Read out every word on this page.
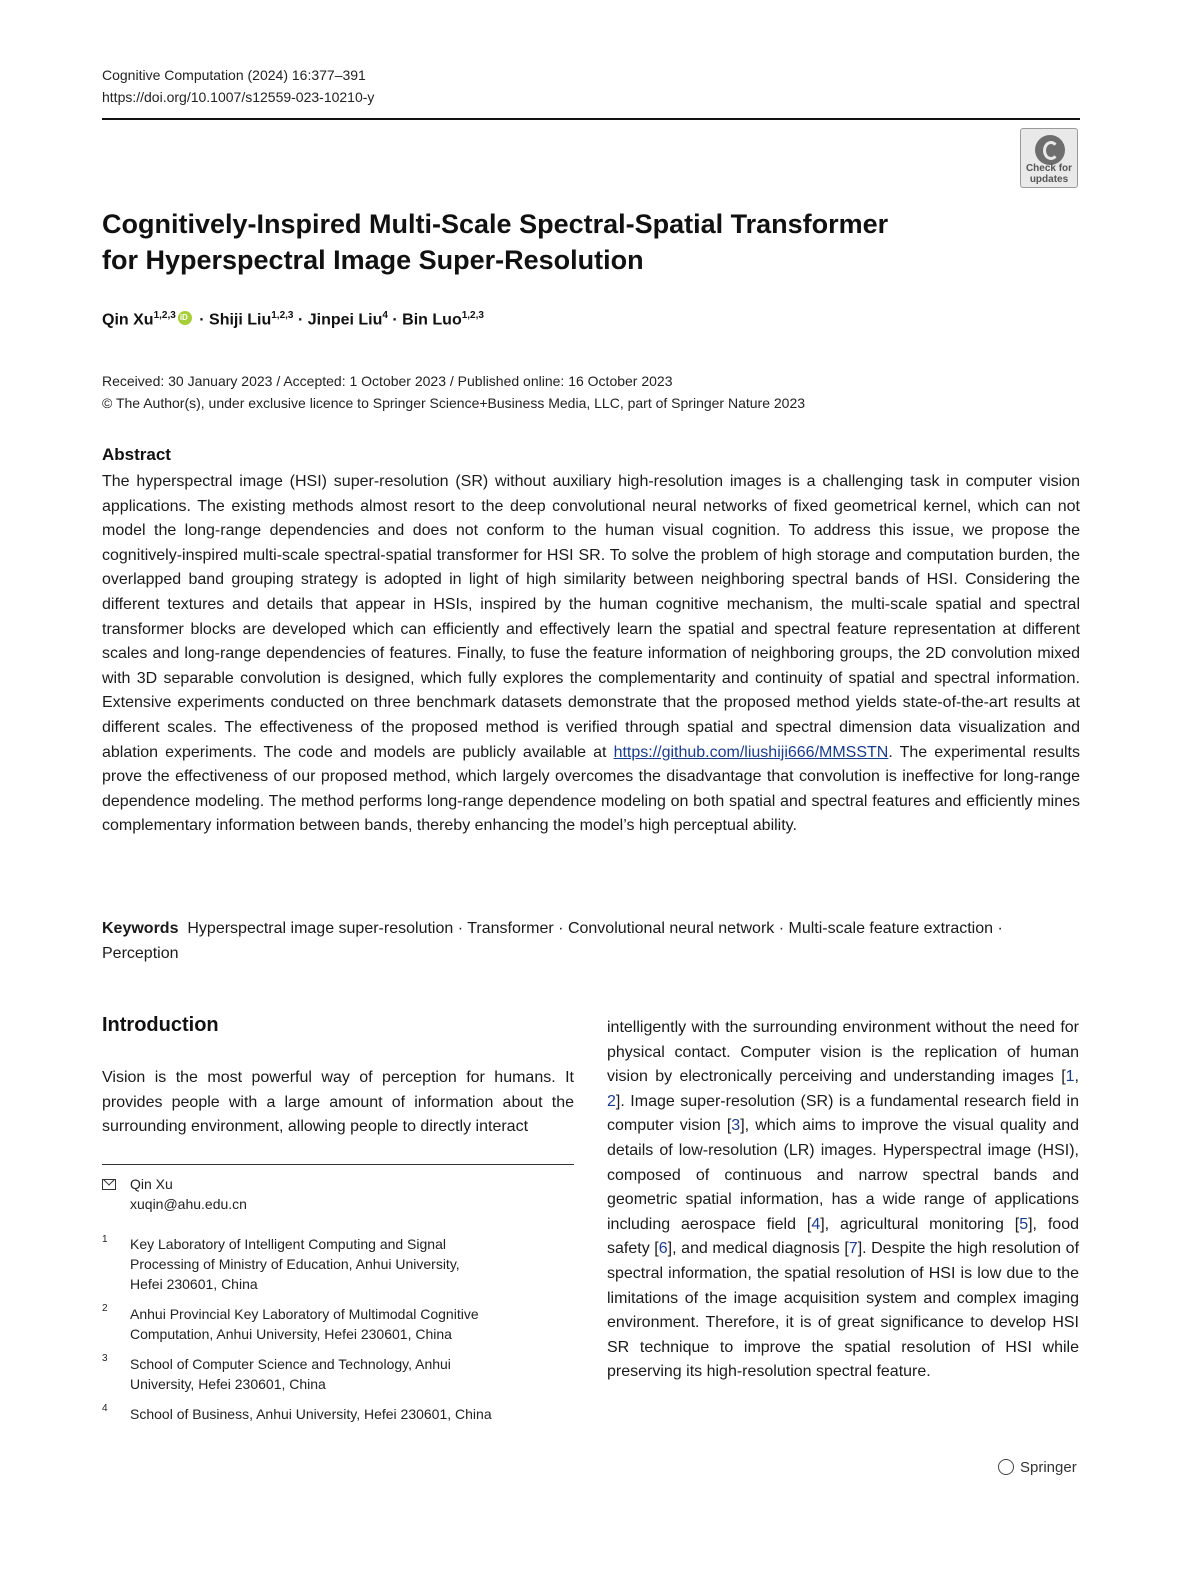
Cognitive Computation (2024) 16:377–391
https://doi.org/10.1007/s12559-023-10210-y
Check for updates
Cognitively-Inspired Multi-Scale Spectral-Spatial Transformer
for Hyperspectral Image Super-Resolution
Qin Xu$^{1,2,3}$iD · Shiji Liu$^{1,2,3}$ · Jinpei Liu$^4$ · Bin Luo$^{1,2,3}$
Received: 30 January 2023 / Accepted: 1 October 2023 / Published online: 16 October 2023
© The Author(s), under exclusive licence to Springer Science+Business Media, LLC, part of Springer Nature 2023
Abstract
The hyperspectral image (HSI) super-resolution (SR) without auxiliary high-resolution images is a challenging task in computer vision applications. The existing methods almost resort to the deep convolutional neural networks of fixed geometrical kernel, which can not model the long-range dependencies and does not conform to the human visual cognition. To address this issue, we propose the cognitively-inspired multi-scale spectral-spatial transformer for HSI SR. To solve the problem of high storage and computation burden, the overlapped band grouping strategy is adopted in light of high similarity between neighboring spectral bands of HSI. Considering the different textures and details that appear in HSIs, inspired by the human cognitive mechanism, the multi-scale spatial and spectral transformer blocks are developed which can efficiently and effectively learn the spatial and spectral feature representation at different scales and long-range dependencies of features. Finally, to fuse the feature information of neighboring groups, the 2D convolution mixed with 3D separable convolution is designed, which fully explores the complementarity and continuity of spatial and spectral information. Extensive experiments conducted on three benchmark datasets demonstrate that the proposed method yields state-of-the-art results at different scales. The effectiveness of the proposed method is verified through spatial and spectral dimension data visualization and ablation experiments. The code and models are publicly available at https://github.com/liushiji666/MMSSTN. The experimental results prove the effectiveness of our proposed method, which largely overcomes the disadvantage that convolution is ineffective for long-range dependence modeling. The method performs long-range dependence modeling on both spatial and spectral features and efficiently mines complementary information between bands, thereby enhancing the model’s high perceptual ability.
Keywords Hyperspectral image super-resolution · Transformer · Convolutional neural network · Multi-scale feature extraction · Perception
Introduction
Vision is the most powerful way of perception for humans. It provides people with a large amount of information about the surrounding environment, allowing people to directly interact
intelligently with the surrounding environment without the need for physical contact. Computer vision is the replication of human vision by electronically perceiving and understanding images [1, 2]. Image super-resolution (SR) is a fundamental research field in computer vision [3], which aims to improve the visual quality and details of low-resolution (LR) images. Hyperspectral image (HSI), composed of continuous and narrow spectral bands and geometric spatial information, has a wide range of applications including aerospace field [4], agricultural monitoring [5], food safety [6], and medical diagnosis [7]. Despite the high resolution of spectral information, the spatial resolution of HSI is low due to the limitations of the image acquisition system and complex imaging environment. Therefore, it is of great significance to develop HSI SR technique to improve the spatial resolution of HSI while preserving its high-resolution spectral feature.
Qin Xu
xuqin@ahu.edu.cn
1 Key Laboratory of Intelligent Computing and Signal
Processing of Ministry of Education, Anhui University,
Hefei 230601, China
2 Anhui Provincial Key Laboratory of Multimodal Cognitive
Computation, Anhui University, Hefei 230601, China
3 School of Computer Science and Technology, Anhui
University, Hefei 230601, China
4 School of Business, Anhui University, Hefei 230601, China
Springer
